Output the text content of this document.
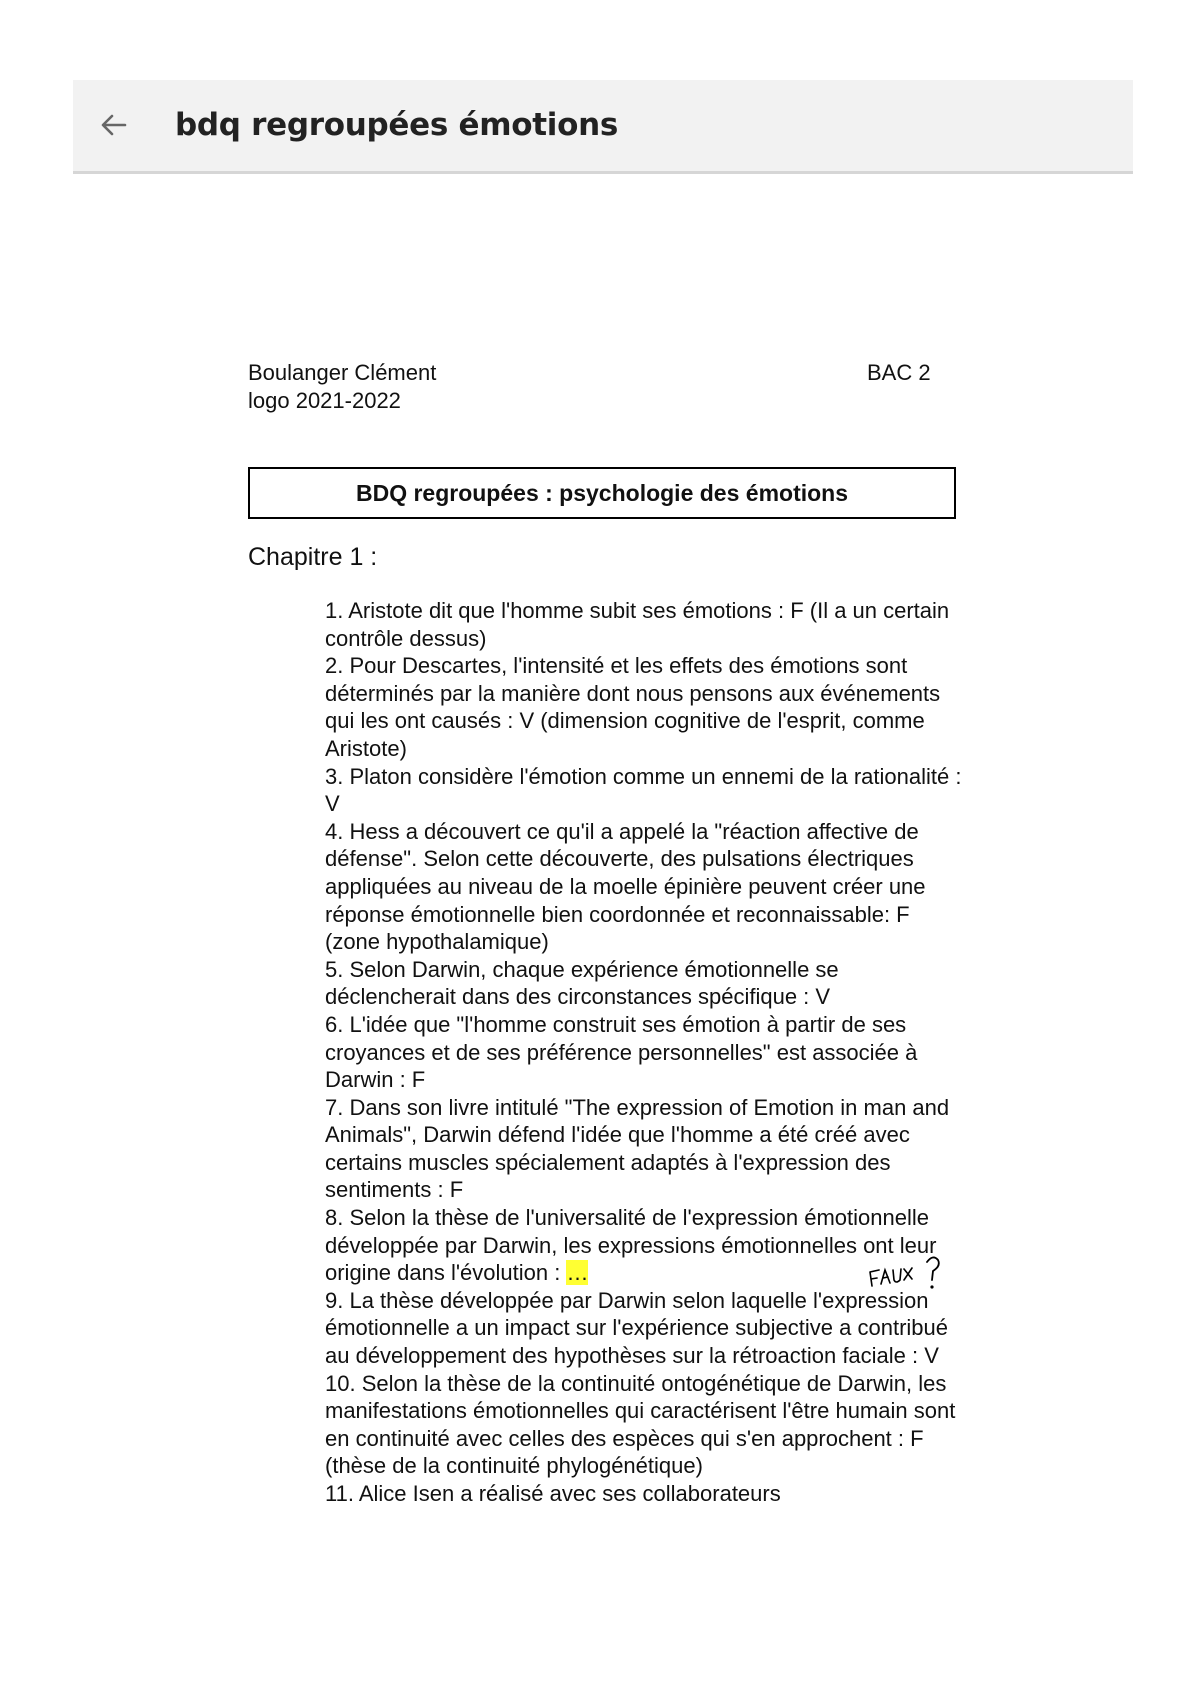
bdq regroupées émotions
Boulanger Clément
logo 2021-2022
BAC 2
BDQ regroupées : psychologie des émotions
Chapitre 1 :

1. Aristote dit que l'homme subit ses émotions : F (Il a un certain contrôle dessus)

2. Pour Descartes, l'intensité et les effets des émotions sont déterminés par la manière dont nous pensons aux événements qui les ont causés : V (dimension cognitive de l'esprit, comme Aristote)

3. Platon considère l'émotion comme un ennemi de la rationalité : V

4. Hess a découvert ce qu'il a appelé la "réaction affective de défense". Selon cette découverte, des pulsations électriques appliquées au niveau de la moelle épinière peuvent créer une réponse émotionnelle bien coordonnée et reconnaissable: F (zone hypothalamique)

5. Selon Darwin, chaque expérience émotionnelle se déclencherait dans des circonstances spécifique : V

6. L'idée que "l'homme construit ses émotion à partir de ses croyances et de ses préférence personnelles" est associée à Darwin : F

7. Dans son livre intitulé "The expression of Emotion in man and Animals", Darwin défend l'idée que l'homme a été créé avec certains muscles spécialement adaptés à l'expression des sentiments : F

8. Selon la thèse de l'universalité de l'expression émotionnelle développée par Darwin, les expressions émotionnelles ont leur origine dans l'évolution : …

9. La thèse développée par Darwin selon laquelle l'expression émotionnelle a un impact sur l'expérience subjective a contribué au développement des hypothèses sur la rétroaction faciale : V

10. Selon la thèse de la continuité ontogénétique de Darwin, les manifestations émotionnelles qui caractérisent l'être humain sont en continuité avec celles des espèces qui s'en approchent : F (thèse de la continuité phylogénétique)

11. Alice Isen a réalisé avec ses collaborateurs
